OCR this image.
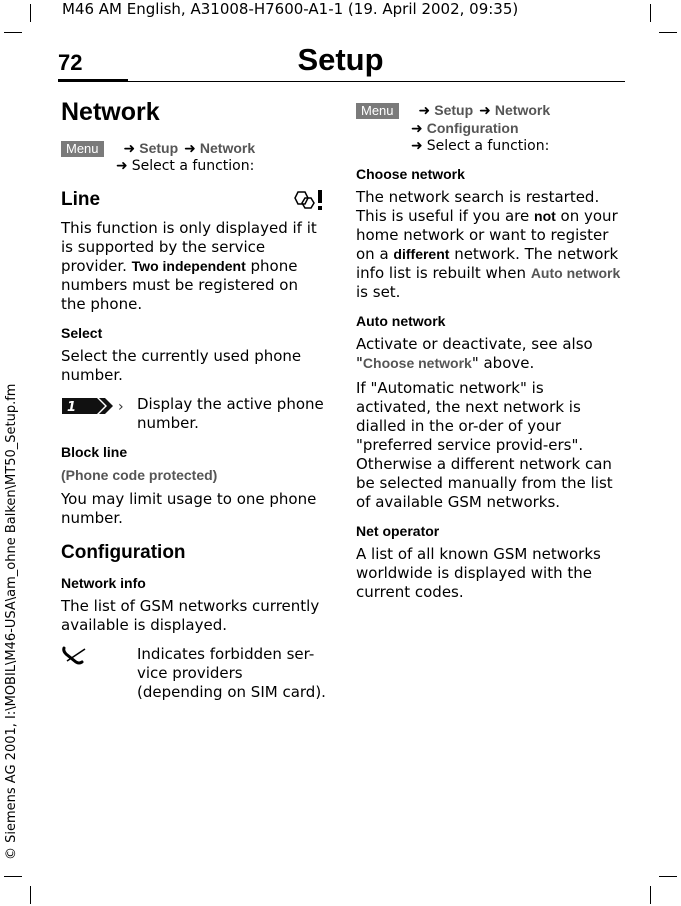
M46 AM English, A31008-H7600-A1-1 (19. April 2002, 09:35)
© Siemens AG 2001, I:\MOBIL\M46-USA\am_ohne Balken\MT50_Setup.fm
72	Setup
Network
Menu ➜ Setup ➜ Network
➜ Select a function:
Line

This function is only displayed if it is supported by the service provider. Two independent phone numbers must be registered on the phone.

Select

Select the currently used phone number.

1	› Display the active phone number.
Block line
(Phone code protected)

You may limit usage to one phone number.

Configuration
Network info

The list of GSM networks currently available is displayed.

Indicates forbidden ser-vice providers (depending on SIM card).
Menu ➜ Setup ➜ Network
➜ Configuration
➜ Select a function:
Choose network

The network search is restarted. This is useful if you are not on your home network or want to register on a different network. The network info list is rebuilt when Auto network is set.

Auto network

Activate or deactivate, see also "Choose network" above.

If "Automatic network" is activated, the next network is dialled in the or-der of your "preferred service provid-ers". Otherwise a different network can be selected manually from the list of available GSM networks.

Net operator

A list of all known GSM networks worldwide is displayed with the current codes.
